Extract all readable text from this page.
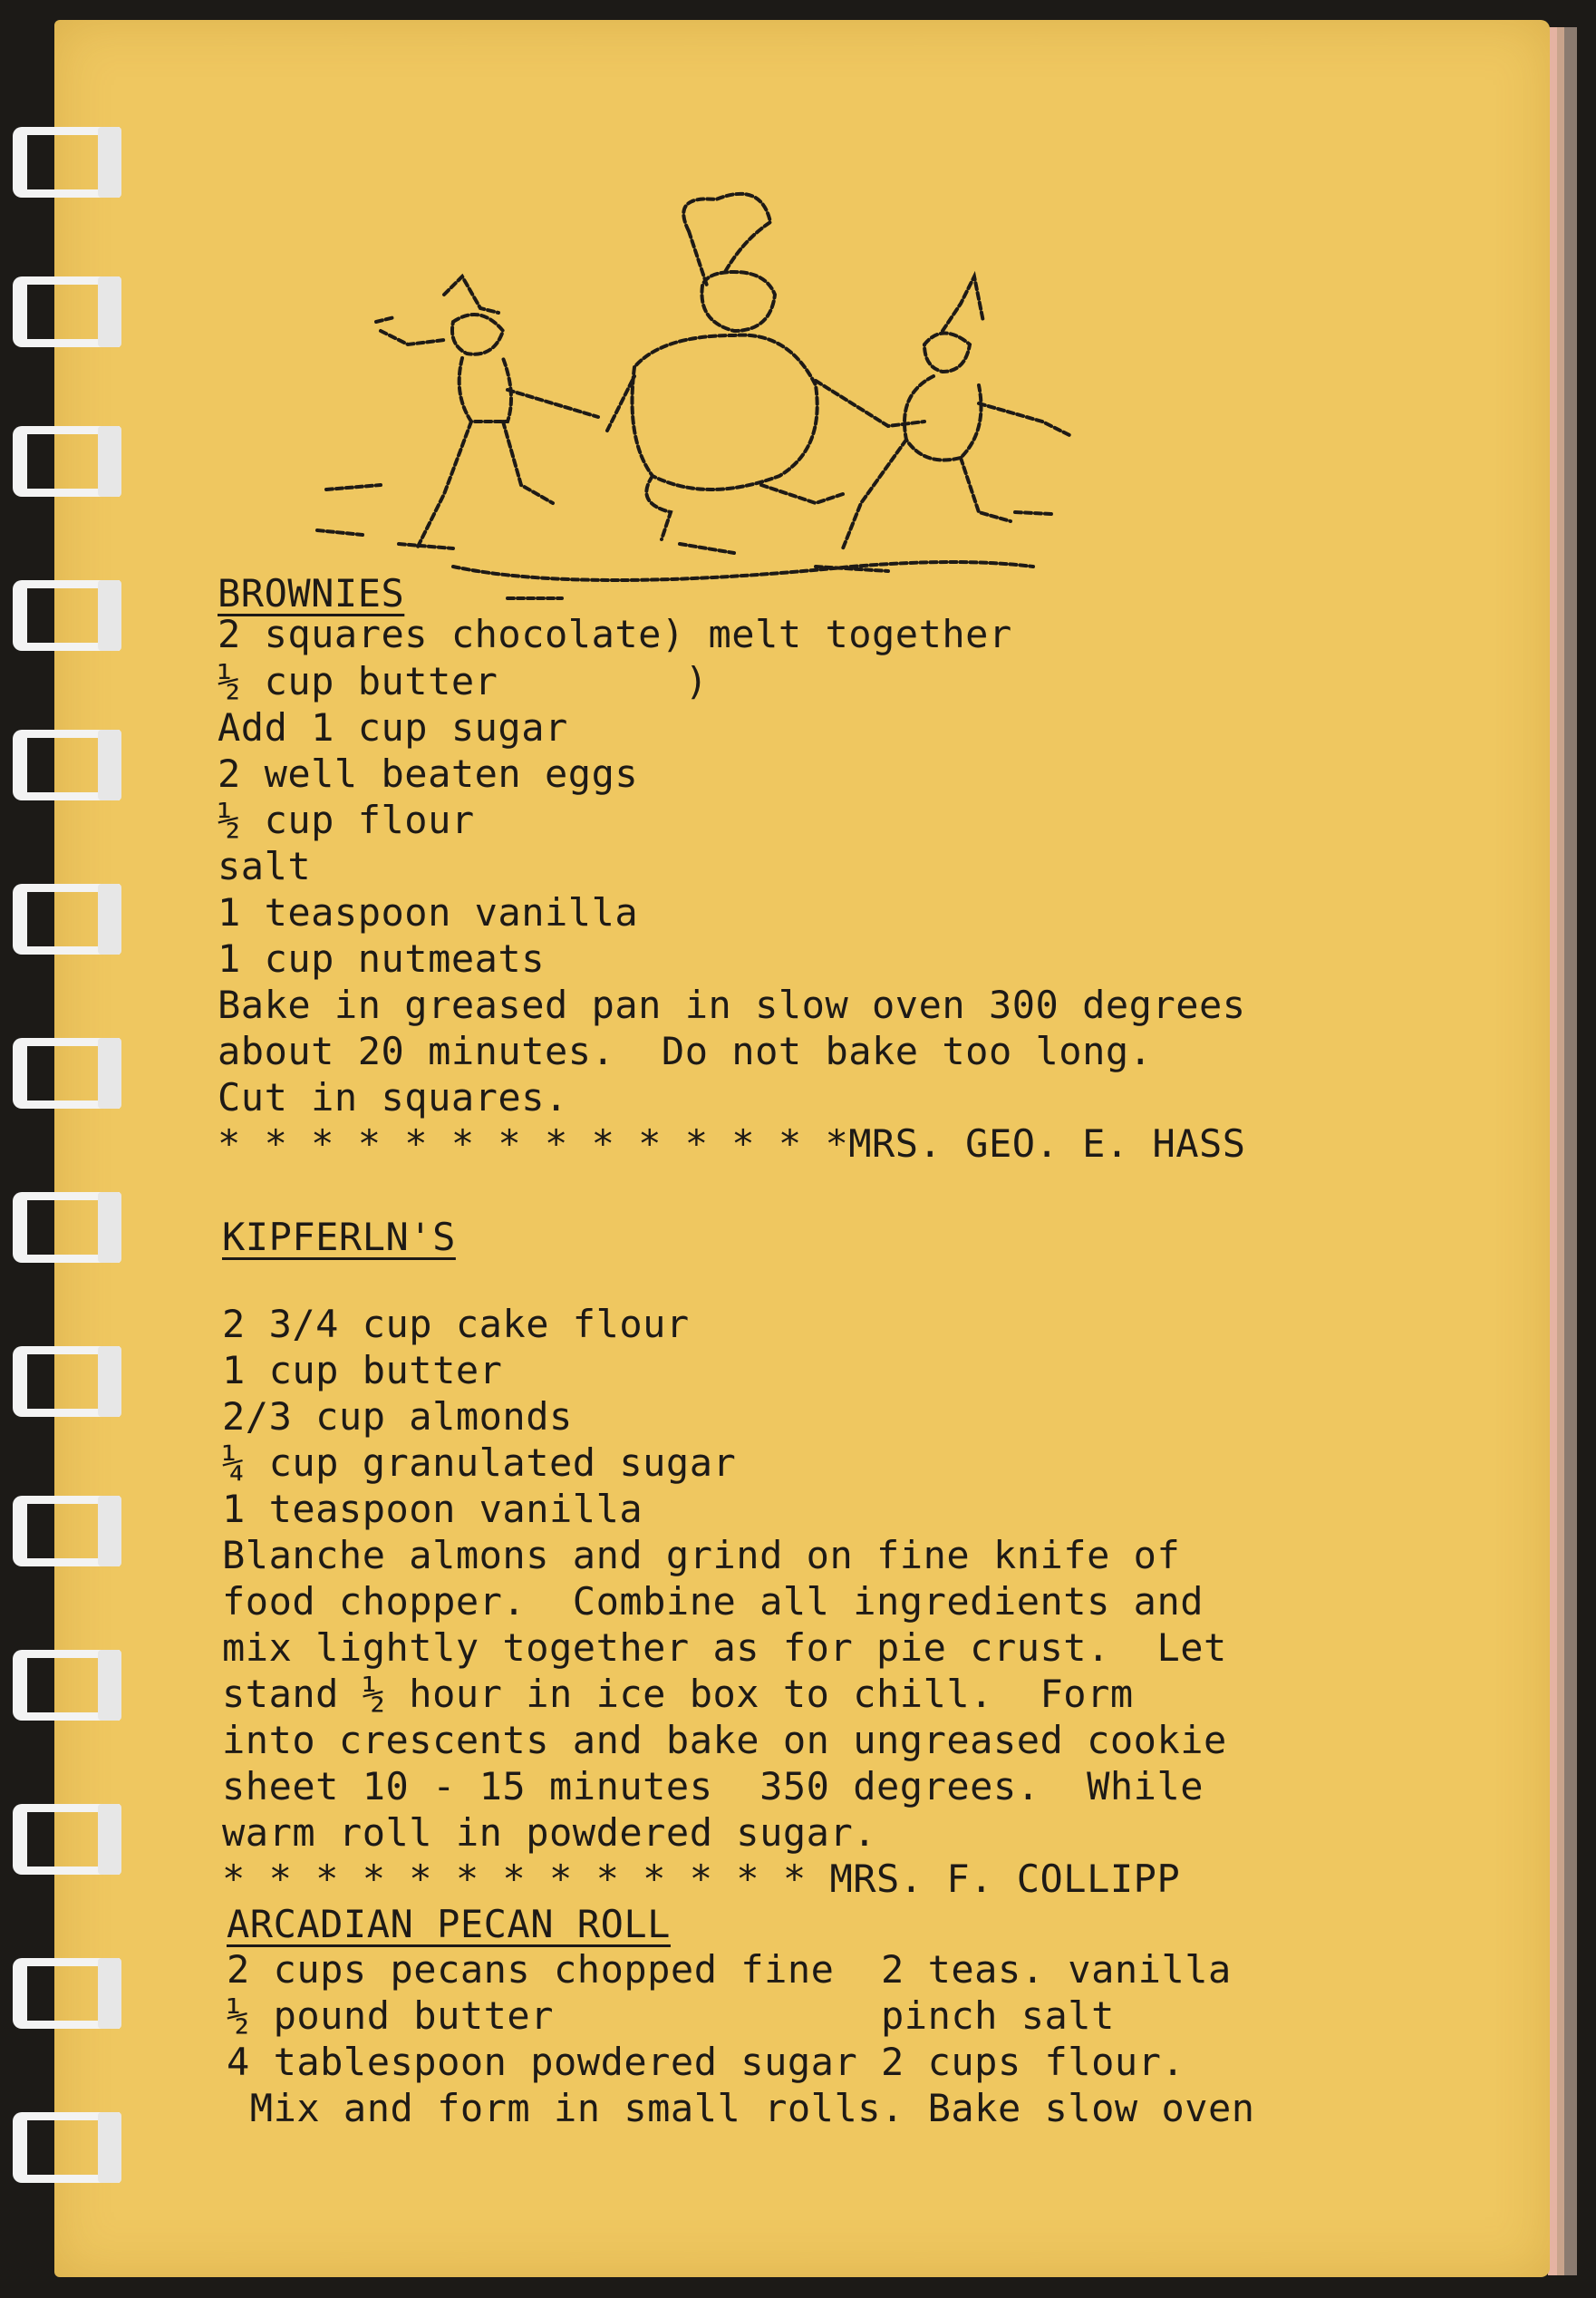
BROWNIES

2 squares chocolate) melt together

½ cup butter        )

Add 1 cup sugar

2 well beaten eggs

½ cup flour

salt

1 teaspoon vanilla

1 cup nutmeats

Bake in greased pan in slow oven 300 degrees

about 20 minutes.  Do not bake too long.

Cut in squares.

* * * * * * * * * * * * * *MRS. GEO. E. HASS

KIPFERLN'S

2 3/4 cup cake flour

1 cup butter

2/3 cup almonds

¼ cup granulated sugar

1 teaspoon vanilla

Blanche almons and grind on fine knife of

food chopper.  Combine all ingredients and

mix lightly together as for pie crust.  Let

stand ½ hour in ice box to chill.  Form

into crescents and bake on ungreased cookie

sheet 10 - 15 minutes  350 degrees.  While

warm roll in powdered sugar.

* * * * * * * * * * * * * MRS. F. COLLIPP

ARCADIAN PECAN ROLL

2 cups pecans chopped fine  2 teas. vanilla

½ pound butter              pinch salt

4 tablespoon powdered sugar 2 cups flour.

Mix and form in small rolls. Bake slow oven
